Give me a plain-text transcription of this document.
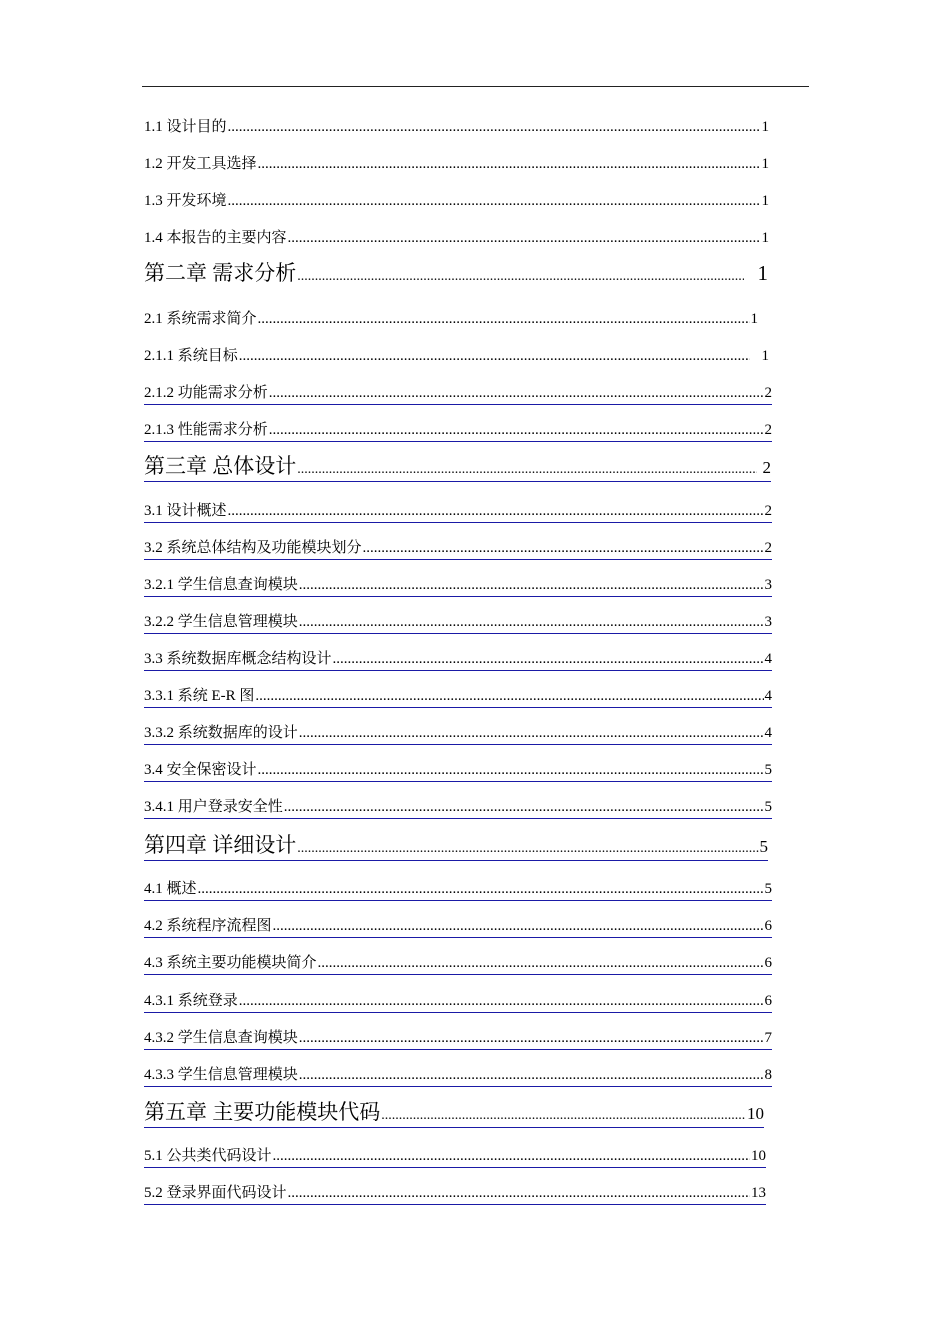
1.1 设计目的 .....	1
1.2 开发工具选择 .....	1
1.3 开发环境 .....	1
1.4 本报告的主要内容 .....	1
第二章 需求分析 .....	1
2.1 系统需求简介 .....	1
2.1.1 系统目标 .....	1
2.1.2 功能需求分析 .....	2
2.1.3 性能需求分析 .....	2
第三章 总体设计 .....	2
3.1 设计概述 .....	2
3.2 系统总体结构及功能模块划分 .....	2
3.2.1 学生信息查询模块 .....	3
3.2.2 学生信息管理模块 .....	3
3.3 系统数据库概念结构设计 .....	4
3.3.1 系统 E-R 图 .....	4
3.3.2 系统数据库的设计 .....	4
3.4 安全保密设计 .....	5
3.4.1 用户登录安全性 .....	5
第四章 详细设计 .....	5
4.1 概述 .....	5
4.2 系统程序流程图 .....	6
4.3 系统主要功能模块简介 .....	6
4.3.1 系统登录 .....	6
4.3.2 学生信息查询模块 .....	7
4.3.3 学生信息管理模块 .....	8
第五章 主要功能模块代码 .....	10
5.1 公共类代码设计 .....	10
5.2 登录界面代码设计 .....	13
